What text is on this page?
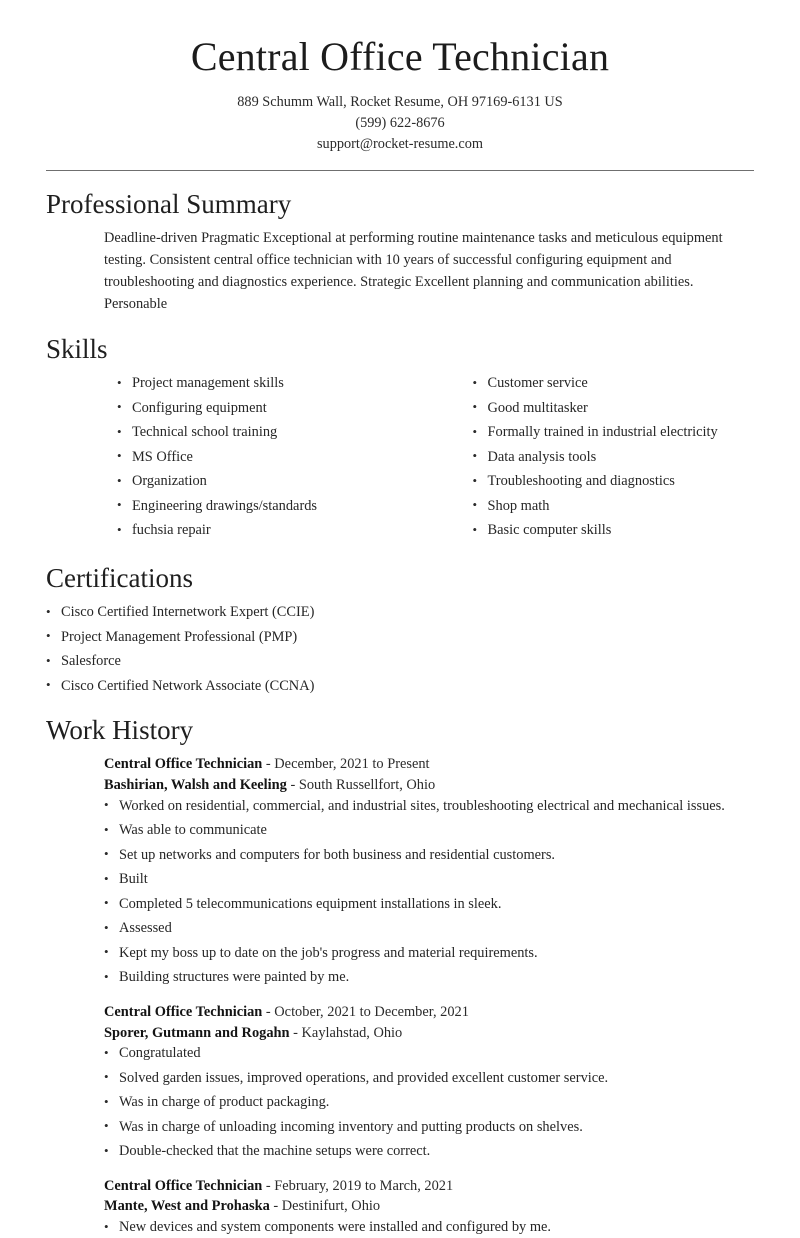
Central Office Technician
889 Schumm Wall, Rocket Resume, OH 97169-6131 US
(599) 622-8676
support@rocket-resume.com
Professional Summary

Deadline-driven Pragmatic Exceptional at performing routine maintenance tasks and meticulous equipment testing. Consistent central office technician with 10 years of successful configuring equipment and troubleshooting and diagnostics experience. Strategic Excellent planning and communication abilities. Personable

Skills
• Project management skills
• Configuring equipment
• Technical school training
• MS Office
• Organization
• Engineering drawings/standards
• fuchsia repair
• Customer service
• Good multitasker
• Formally trained in industrial electricity
• Data analysis tools
• Troubleshooting and diagnostics
• Shop math
• Basic computer skills
Certifications
• Cisco Certified Internetwork Expert (CCIE)
• Project Management Professional (PMP)
• Salesforce
• Cisco Certified Network Associate (CCNA)
Work History
Central Office Technician - December, 2021 to Present
Bashirian, Walsh and Keeling - South Russellfort, Ohio
• Worked on residential, commercial, and industrial sites, troubleshooting electrical and mechanical issues.
• Was able to communicate
• Set up networks and computers for both business and residential customers.
• Built
• Completed 5 telecommunications equipment installations in sleek.
• Assessed
• Kept my boss up to date on the job's progress and material requirements.
• Building structures were painted by me.
Central Office Technician - October, 2021 to December, 2021
Sporer, Gutmann and Rogahn - Kaylahstad, Ohio
• Congratulated
• Solved garden issues, improved operations, and provided excellent customer service.
• Was in charge of product packaging.
• Was in charge of unloading incoming inventory and putting products on shelves.
• Double-checked that the machine setups were correct.
Central Office Technician - February, 2019 to March, 2021
Mante, West and Prohaska - Destinifurt, Ohio
• New devices and system components were installed and configured by me.
